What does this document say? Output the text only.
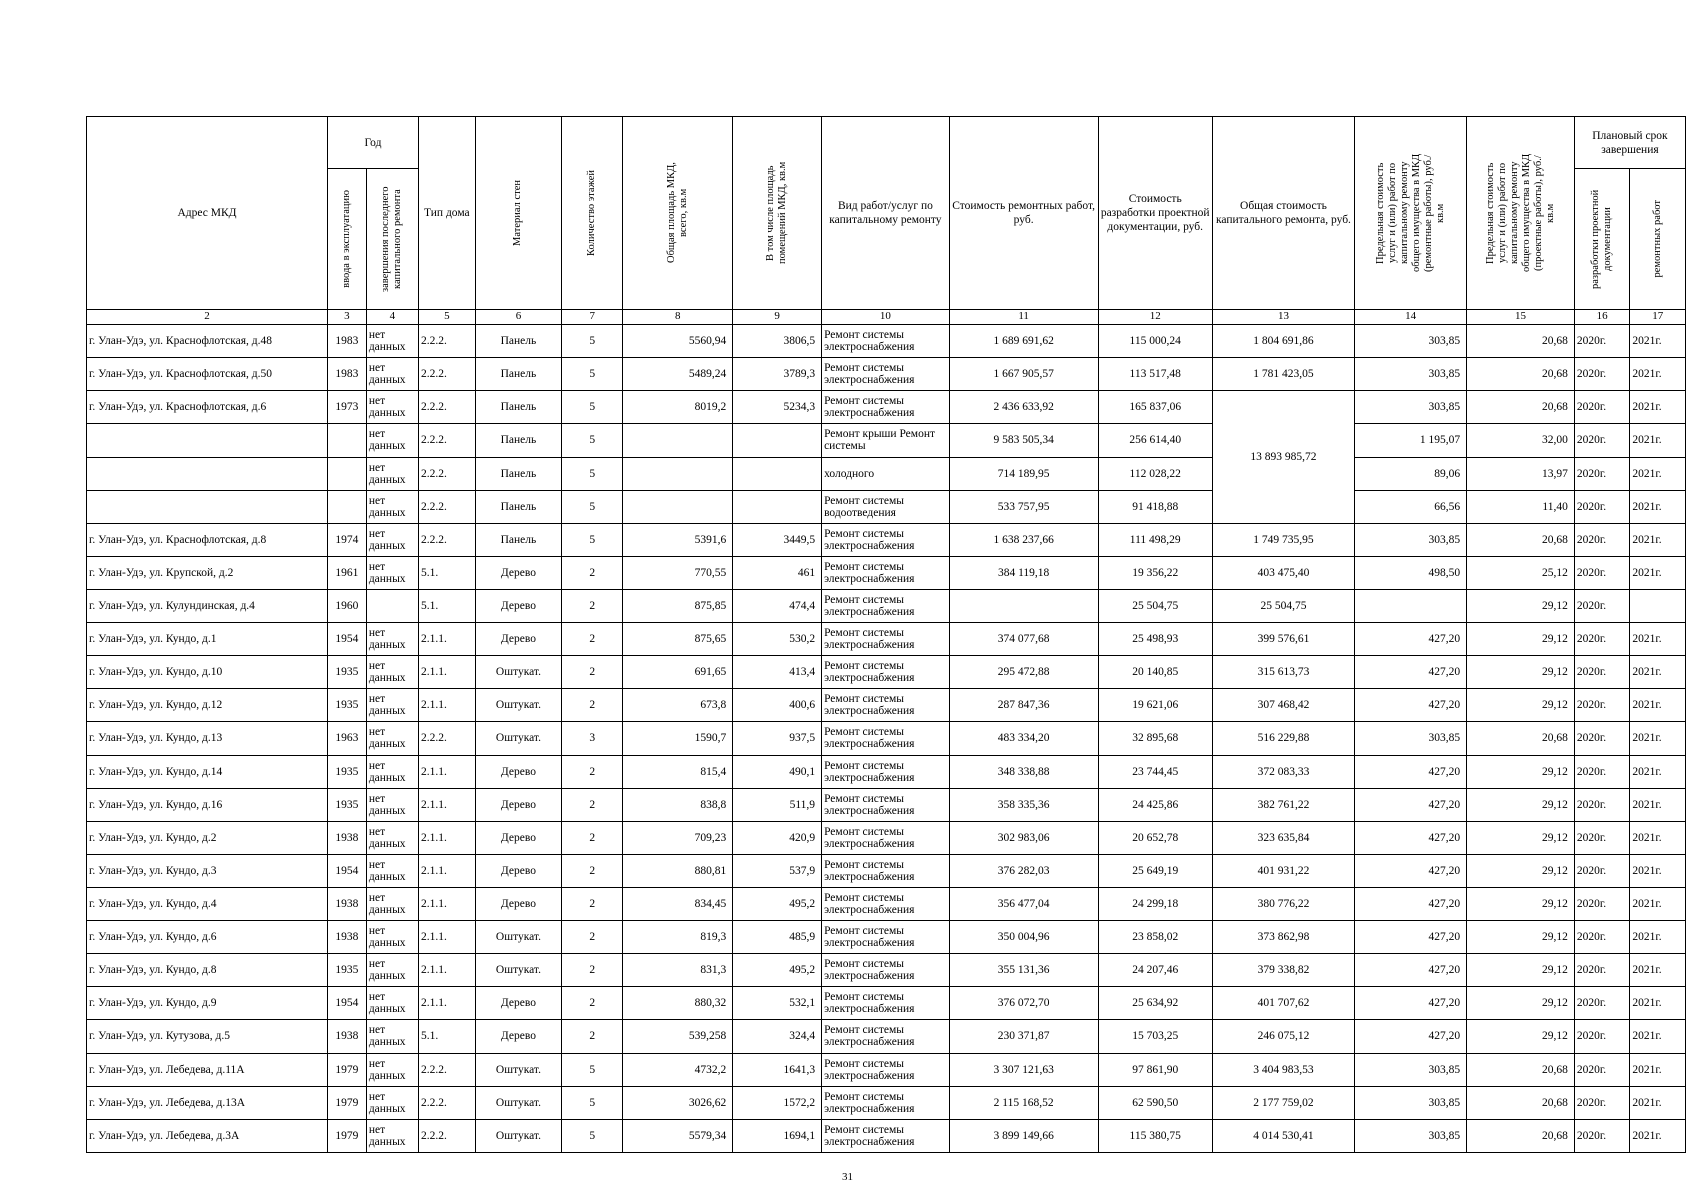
Адрес МКД	Год		Тип дома	Материал стен	Количество этажей	Общая площадь МКД, всего, кв.м	В том числе площадь помещений МКД, кв.м	Вид работ/услуг по капитальному ремонту	Стоимость ремонтных работ, руб.	Стоимость разработки проектной документации, руб.	Общая стоимость капитального ремонта, руб.	Предельная стоимость услуг и (или) работ по капитальному ремонту общего имущества в МКД (ремонтные работы), руб./кв.м	Предельная стоимость услуг и (или) работ по капитальному ремонту общего имущества в МКД (проектные работы), руб./кв.м	Плановый срок завершения	

	ввода в эксплуатацию	завершения последнего капитального ремонта												разработки проектной документации	ремонтных работ

2	3	4	5	6	7	8	9	10	11	12	13	14	15	16	17
г. Улан-Удэ, ул. Краснофлотская, д.48	1983	нет данных	2.2.2.	Панель	5	5560,94	3806,5	Ремонт системы электроснабжения	1 689 691,62	115 000,24	1 804 691,86	303,85	20,68	2020г.	2021г.
г. Улан-Удэ, ул. Краснофлотская, д.50	1983	нет данных	2.2.2.	Панель	5	5489,24	3789,3	Ремонт системы электроснабжения	1 667 905,57	113 517,48	1 781 423,05	303,85	20,68	2020г.	2021г.
г. Улан-Удэ, ул. Краснофлотская, д.6	1973	нет данных	2.2.2.	Панель	5	8019,2	5234,3	Ремонт системы электроснабжения	2 436 633,92	165 837,06	13 893 985,72	303,85	20,68	2020г.	2021г.
		нет данных	2.2.2.	Панель	5			Ремонт крыши Ремонт системы	9 583 505,34	256 614,40		1 195,07	32,00	2020г.	2021г.
		нет данных	2.2.2.	Панель	5			холодного	714 189,95	112 028,22		89,06	13,97	2020г.	2021г.
		нет данных	2.2.2.	Панель	5			Ремонт системы водоотведения	533 757,95	91 418,88		66,56	11,40	2020г.	2021г.
г. Улан-Удэ, ул. Краснофлотская, д.8	1974	нет данных	2.2.2.	Панель	5	5391,6	3449,5	Ремонт системы электроснабжения	1 638 237,66	111 498,29	1 749 735,95	303,85	20,68	2020г.	2021г.
г. Улан-Удэ, ул. Крупской, д.2	1961	нет данных	5.1.	Дерево	2	770,55	461	Ремонт системы электроснабжения	384 119,18	19 356,22	403 475,40	498,50	25,12	2020г.	2021г.
г. Улан-Удэ, ул. Кулундинская, д.4	1960		5.1.	Дерево	2	875,85	474,4	Ремонт системы электроснабжения		25 504,75	25 504,75		29,12	2020г.	
г. Улан-Удэ, ул. Кундо, д.1	1954	нет данных	2.1.1.	Дерево	2	875,65	530,2	Ремонт системы электроснабжения	374 077,68	25 498,93	399 576,61	427,20	29,12	2020г.	2021г.
г. Улан-Удэ, ул. Кундо, д.10	1935	нет данных	2.1.1.	Оштукат.	2	691,65	413,4	Ремонт системы электроснабжения	295 472,88	20 140,85	315 613,73	427,20	29,12	2020г.	2021г.
г. Улан-Удэ, ул. Кундо, д.12	1935	нет данных	2.1.1.	Оштукат.	2	673,8	400,6	Ремонт системы электроснабжения	287 847,36	19 621,06	307 468,42	427,20	29,12	2020г.	2021г.
г. Улан-Удэ, ул. Кундо, д.13	1963	нет данных	2.2.2.	Оштукат.	3	1590,7	937,5	Ремонт системы электроснабжения	483 334,20	32 895,68	516 229,88	303,85	20,68	2020г.	2021г.
г. Улан-Удэ, ул. Кундо, д.14	1935	нет данных	2.1.1.	Дерево	2	815,4	490,1	Ремонт системы электроснабжения	348 338,88	23 744,45	372 083,33	427,20	29,12	2020г.	2021г.
г. Улан-Удэ, ул. Кундо, д.16	1935	нет данных	2.1.1.	Дерево	2	838,8	511,9	Ремонт системы электроснабжения	358 335,36	24 425,86	382 761,22	427,20	29,12	2020г.	2021г.
г. Улан-Удэ, ул. Кундо, д.2	1938	нет данных	2.1.1.	Дерево	2	709,23	420,9	Ремонт системы электроснабжения	302 983,06	20 652,78	323 635,84	427,20	29,12	2020г.	2021г.
г. Улан-Удэ, ул. Кундо, д.3	1954	нет данных	2.1.1.	Дерево	2	880,81	537,9	Ремонт системы электроснабжения	376 282,03	25 649,19	401 931,22	427,20	29,12	2020г.	2021г.
г. Улан-Удэ, ул. Кундо, д.4	1938	нет данных	2.1.1.	Дерево	2	834,45	495,2	Ремонт системы электроснабжения	356 477,04	24 299,18	380 776,22	427,20	29,12	2020г.	2021г.
г. Улан-Удэ, ул. Кундо, д.6	1938	нет данных	2.1.1.	Оштукат.	2	819,3	485,9	Ремонт системы электроснабжения	350 004,96	23 858,02	373 862,98	427,20	29,12	2020г.	2021г.
г. Улан-Удэ, ул. Кундо, д.8	1935	нет данных	2.1.1.	Оштукат.	2	831,3	495,2	Ремонт системы электроснабжения	355 131,36	24 207,46	379 338,82	427,20	29,12	2020г.	2021г.
г. Улан-Удэ, ул. Кундо, д.9	1954	нет данных	2.1.1.	Дерево	2	880,32	532,1	Ремонт системы электроснабжения	376 072,70	25 634,92	401 707,62	427,20	29,12	2020г.	2021г.
г. Улан-Удэ, ул. Кутузова, д.5	1938	нет данных	5.1.	Дерево	2	539,258	324,4	Ремонт системы электроснабжения	230 371,87	15 703,25	246 075,12	427,20	29,12	2020г.	2021г.
г. Улан-Удэ, ул. Лебедева, д.11А	1979	нет данных	2.2.2.	Оштукат.	5	4732,2	1641,3	Ремонт системы электроснабжения	3 307 121,63	97 861,90	3 404 983,53	303,85	20,68	2020г.	2021г.
г. Улан-Удэ, ул. Лебедева, д.13А	1979	нет данных	2.2.2.	Оштукат.	5	3026,62	1572,2	Ремонт системы электроснабжения	2 115 168,52	62 590,50	2 177 759,02	303,85	20,68	2020г.	2021г.
г. Улан-Удэ, ул. Лебедева, д.3А	1979	нет данных	2.2.2.	Оштукат.	5	5579,34	1694,1	Ремонт системы электроснабжения	3 899 149,66	115 380,75	4 014 530,41	303,85	20,68	2020г.	2021г.
31
